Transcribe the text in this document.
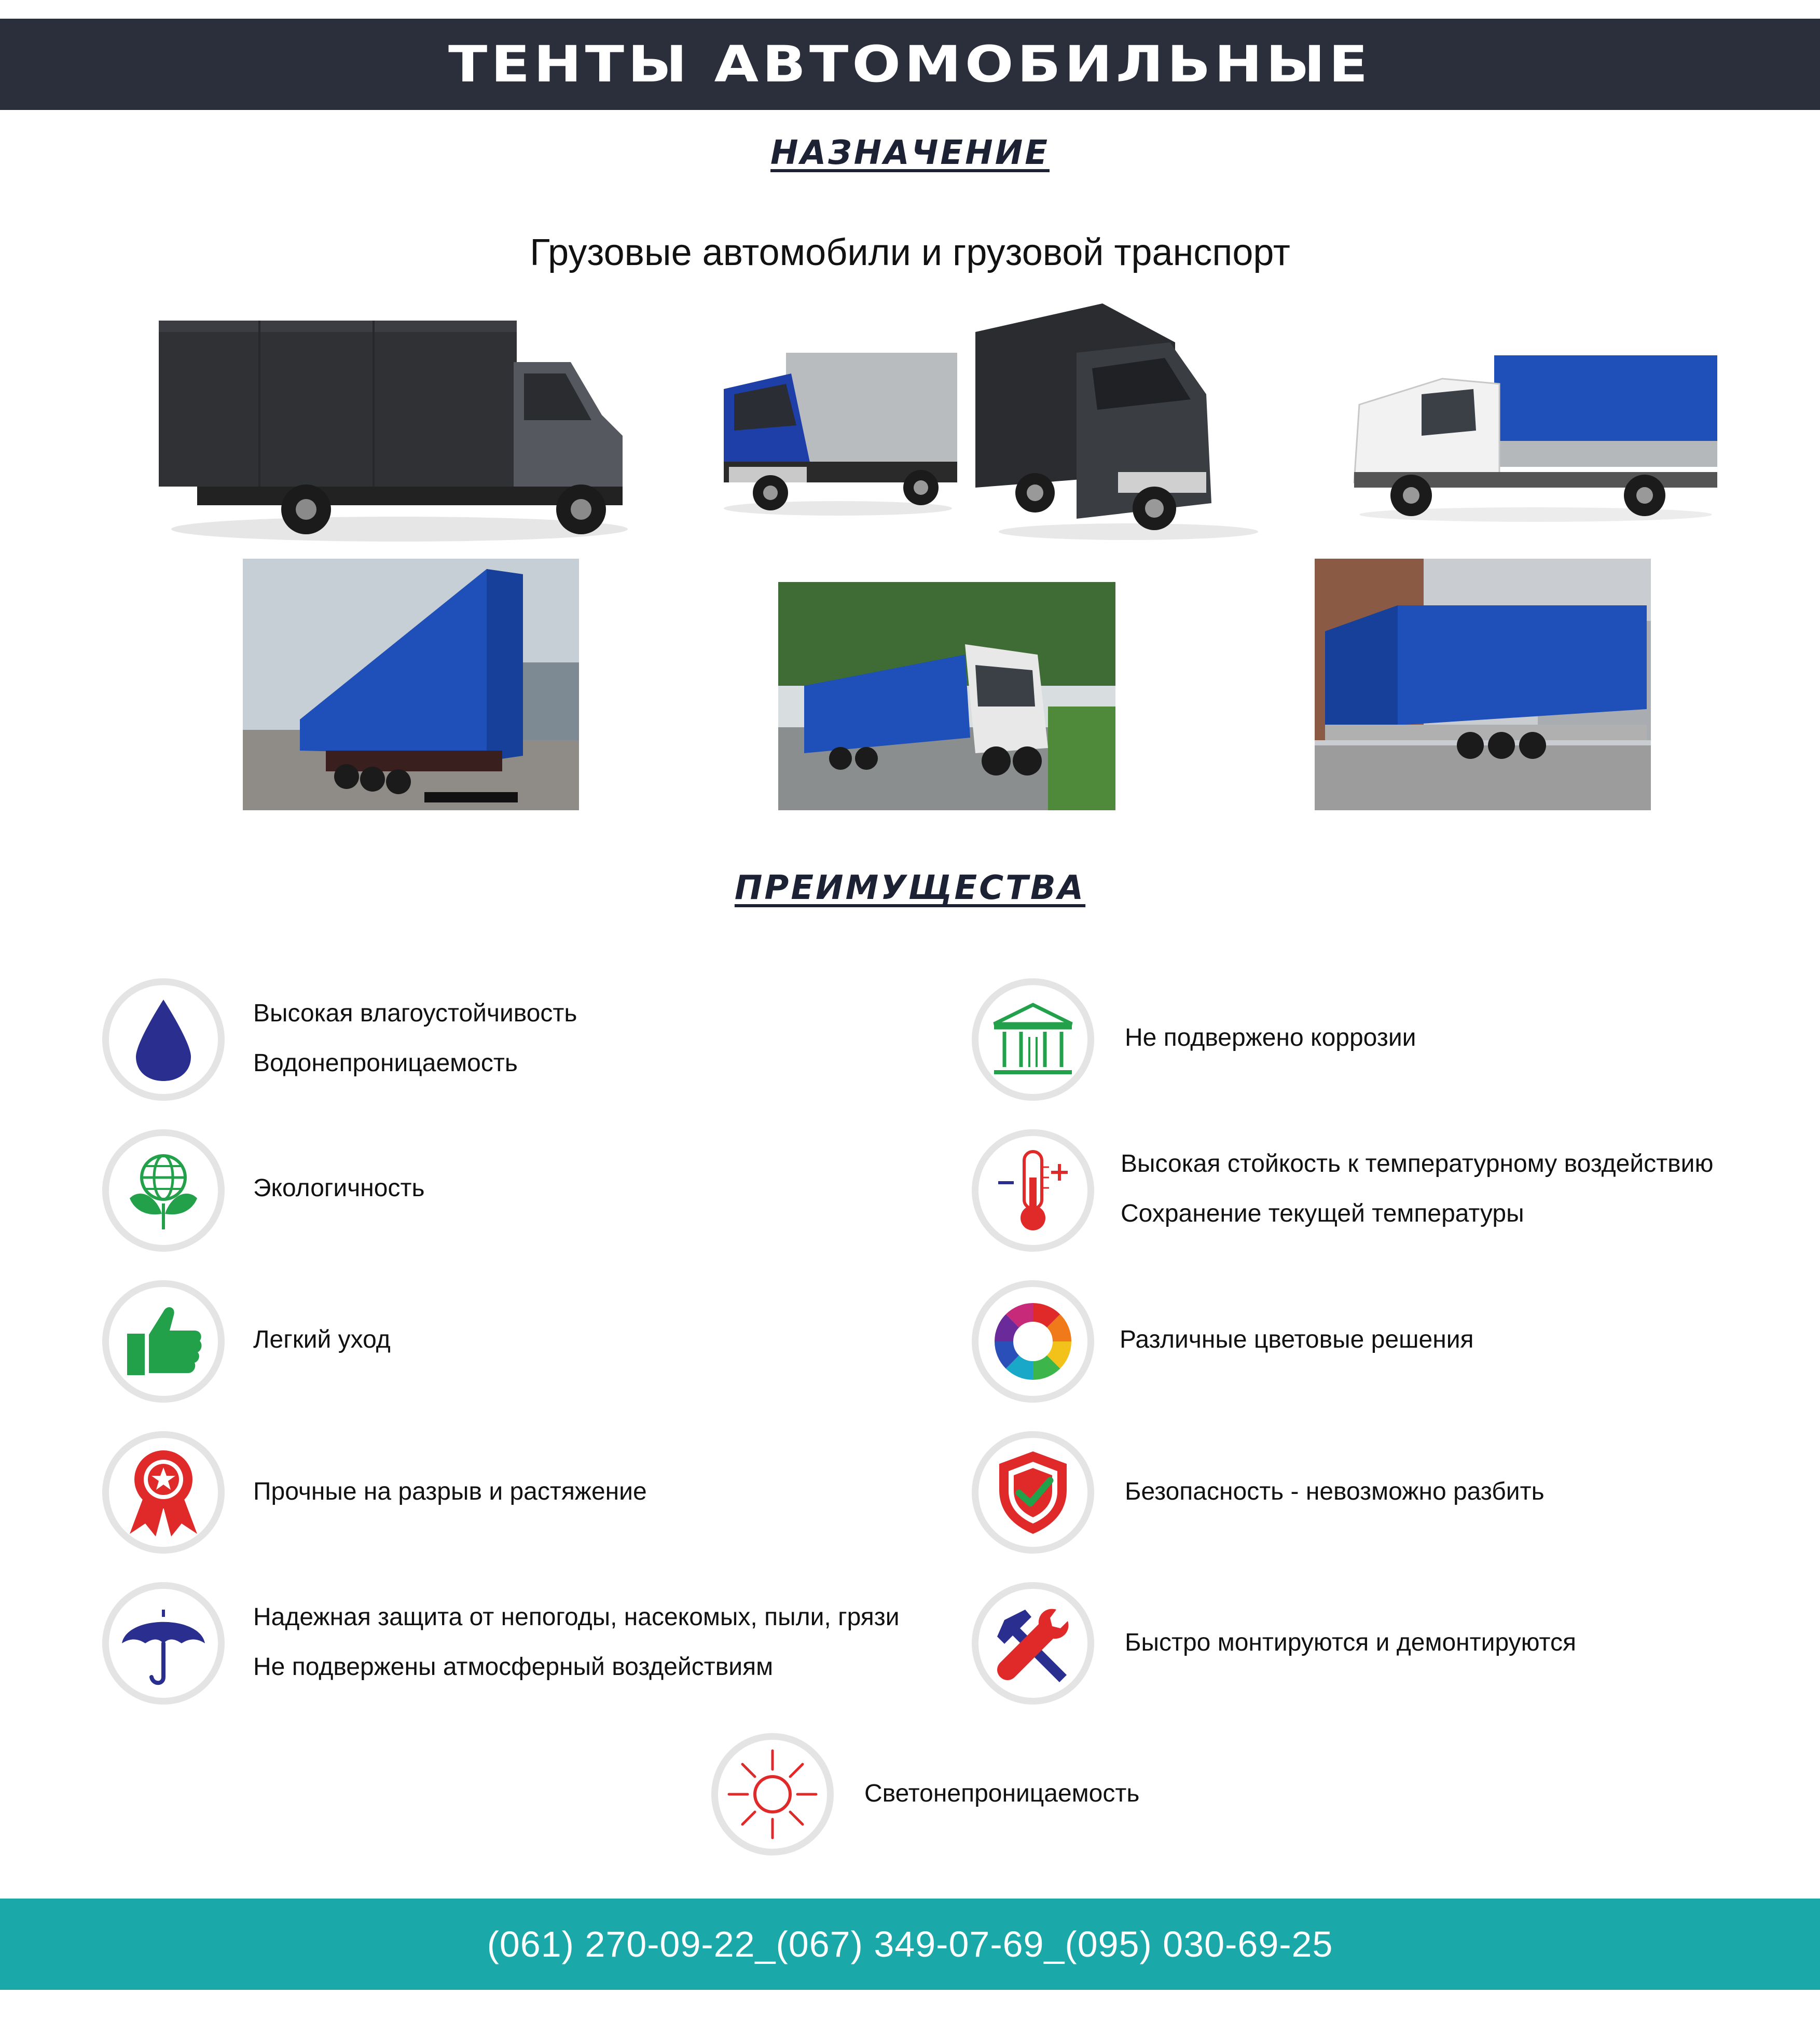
ТЕНТЫ АВТОМОБИЛЬНЫЕ
НАЗНАЧЕНИЕ
Грузовые автомобили и грузовой транспорт
ПРЕИМУЩЕСТВА
Высокая влагоустойчивость
Водонепроницаемость
Экологичность
Легкий уход
Прочные на разрыв и растяжение
Надежная защита от непогоды, насекомых, пыли, грязи
Не подвержены атмосферный воздействиям
Не подвержено коррозии
Высокая стойкость к температурному воздействию
Сохранение текущей температуры
Различные цветовые решения
Безопасность - невозможно разбить
Быстро монтируются и демонтируются
Светонепроницаемость
(061) 270-09-22_(067) 349-07-69_(095) 030-69-25
